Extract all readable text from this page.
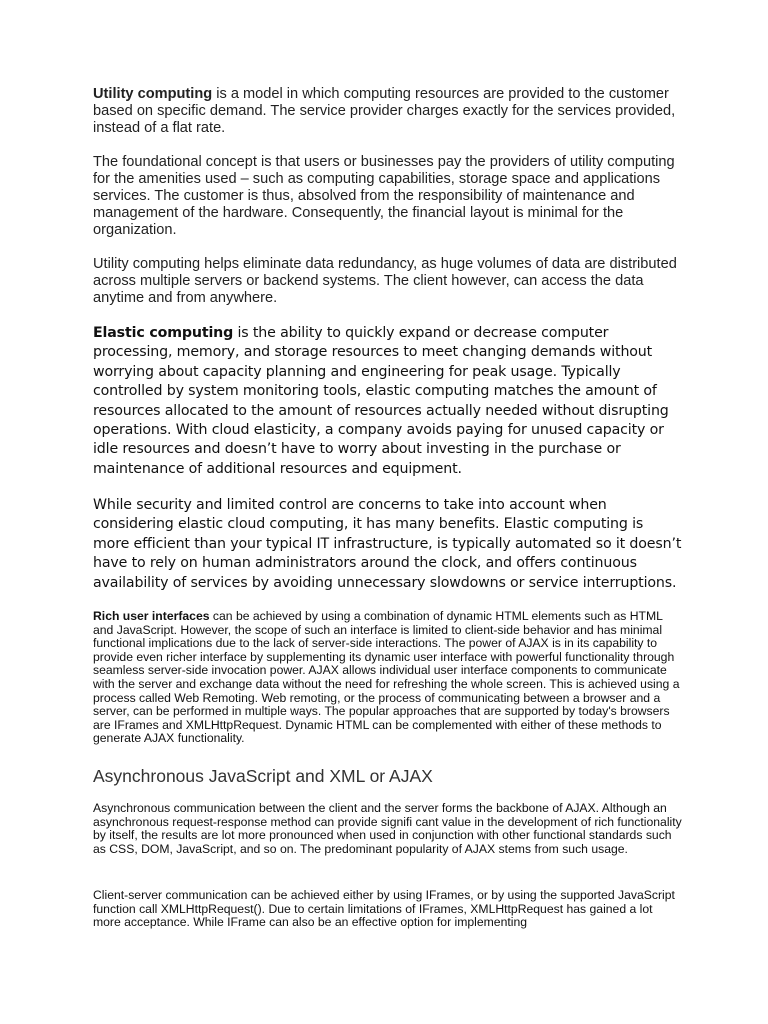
Utility computing is a model in which computing resources are provided to the customer based on specific demand. The service provider charges exactly for the services provided, instead of a flat rate.

The foundational concept is that users or businesses pay the providers of utility computing for the amenities used – such as computing capabilities, storage space and applications services. The customer is thus, absolved from the responsibility of maintenance and management of the hardware. Consequently, the financial layout is minimal for the organization.

Utility computing helps eliminate data redundancy, as huge volumes of data are distributed across multiple servers or backend systems. The client however, can access the data anytime and from anywhere.

Elastic computing is the ability to quickly expand or decrease computer processing, memory, and storage resources to meet changing demands without worrying about capacity planning and engineering for peak usage. Typically controlled by system monitoring tools, elastic computing matches the amount of resources allocated to the amount of resources actually needed without disrupting operations. With cloud elasticity, a company avoids paying for unused capacity or idle resources and doesn’t have to worry about investing in the purchase or maintenance of additional resources and equipment.

While security and limited control are concerns to take into account when considering elastic cloud computing, it has many benefits. Elastic computing is more efficient than your typical IT infrastructure, is typically automated so it doesn’t have to rely on human administrators around the clock, and offers continuous availability of services by avoiding unnecessary slowdowns or service interruptions.

Rich user interfaces can be achieved by using a combination of dynamic HTML elements such as HTML and JavaScript. However, the scope of such an interface is limited to client-side behavior and has minimal functional implications due to the lack of server-side interactions. The power of AJAX is in its capability to provide even richer interface by supplementing its dynamic user interface with powerful functionality through seamless server-side invocation power. AJAX allows individual user interface components to communicate with the server and exchange data without the need for refreshing the whole screen. This is achieved using a process called Web Remoting. Web remoting, or the process of communicating between a browser and a server, can be performed in multiple ways. The popular approaches that are supported by today's browsers are IFrames and XMLHttpRequest. Dynamic HTML can be complemented with either of these methods to generate AJAX functionality.

Asynchronous JavaScript and XML or AJAX

Asynchronous communication between the client and the server forms the backbone of AJAX. Although an asynchronous request-response method can provide signifi cant value in the development of rich functionality by itself, the results are lot more pronounced when used in conjunction with other functional standards such as CSS, DOM, JavaScript, and so on. The predominant popularity of AJAX stems from such usage.

Client-server communication can be achieved either by using IFrames, or by using the supported JavaScript function call XMLHttpRequest(). Due to certain limitations of IFrames, XMLHttpRequest has gained a lot more acceptance. While IFrame can also be an effective option for implementing
